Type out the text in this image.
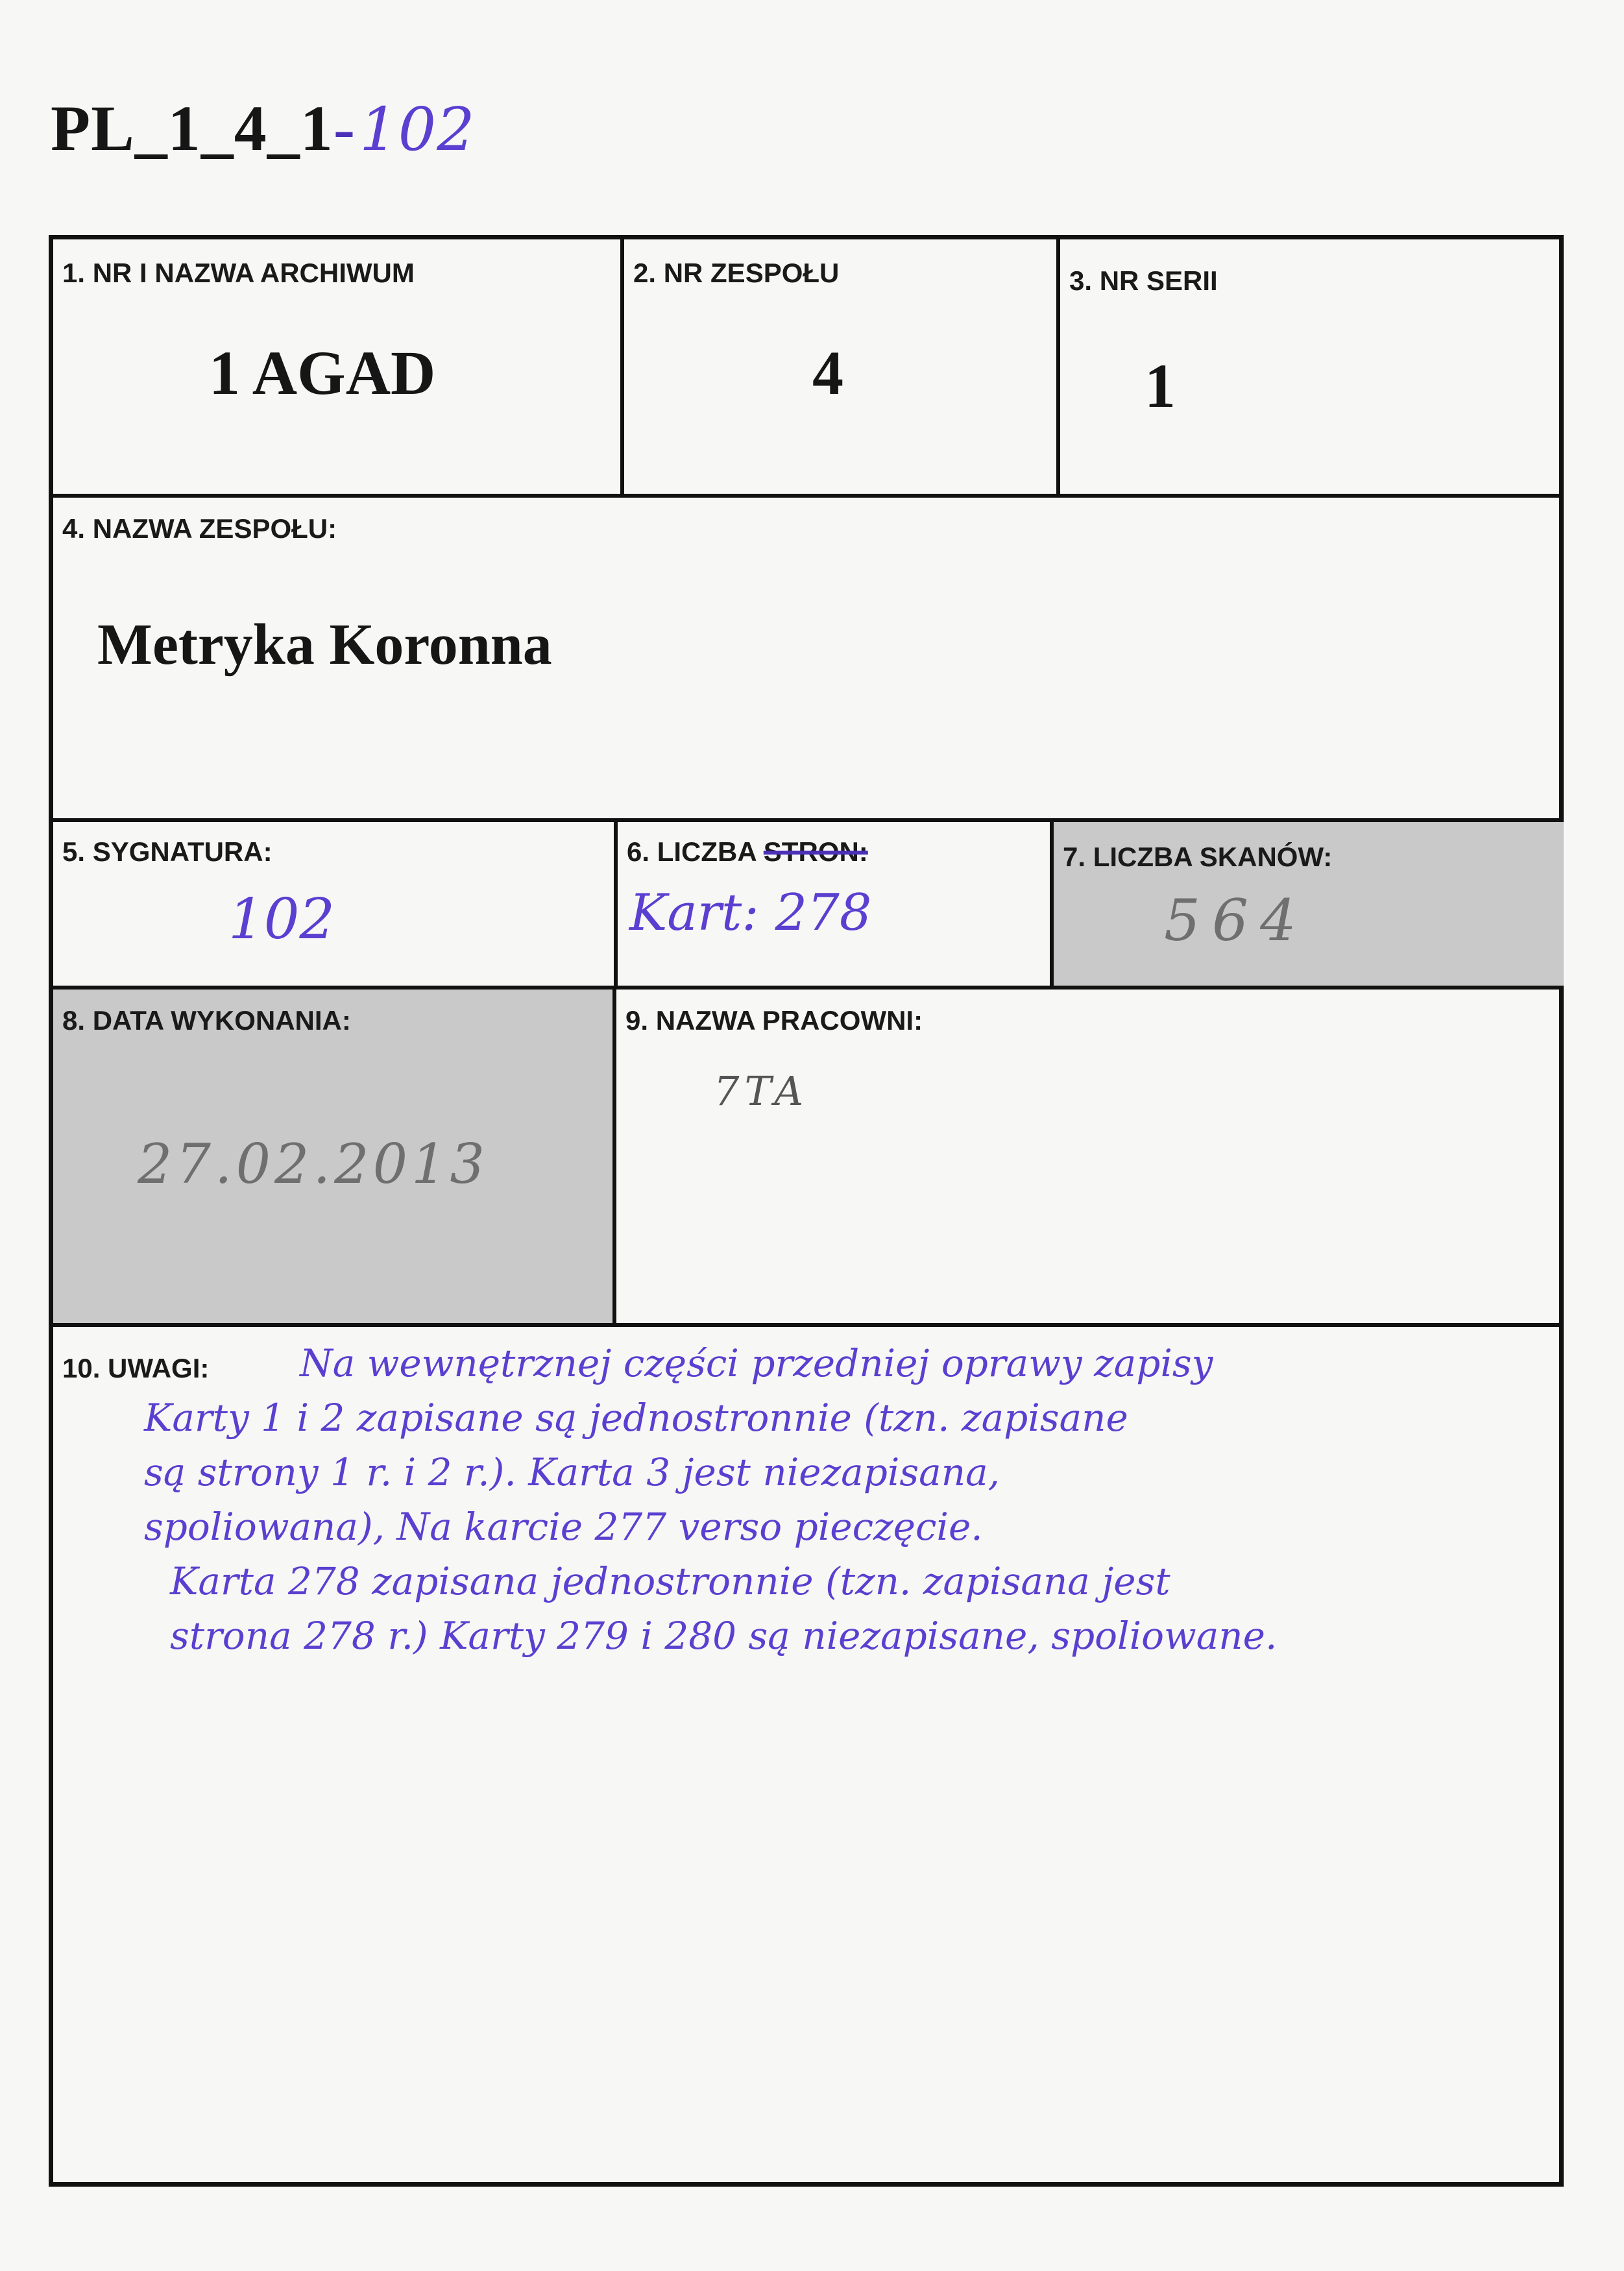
PL_1_4_1-102
1. NR I NAZWA ARCHIWUM
1 AGAD
2. NR ZESPOŁU
4
3. NR SERII
1
4. NAZWA ZESPOŁU:
Metryka Koronna
5. SYGNATURA:
102
6. LICZBA STRON:
Kart: 278
7. LICZBA SKANÓW:
564
8. DATA WYKONANIA:
27.02.2013
9. NAZWA PRACOWNI:
7TA
10. UWAGI: Na wewnętrznej części przedniej oprawy zapisy
Karty 1 i 2 zapisane są jednostronnie (tzn. zapisane
są strony 1 r. i 2 r.). Karta 3 jest niezapisana,
spoliowana), Na karcie 277 verso pieczęcie.
Karta 278 zapisana jednostronnie (tzn. zapisana jest
strona 278 r.) Karty 279 i 280 są niezapisane, spoliowane.
